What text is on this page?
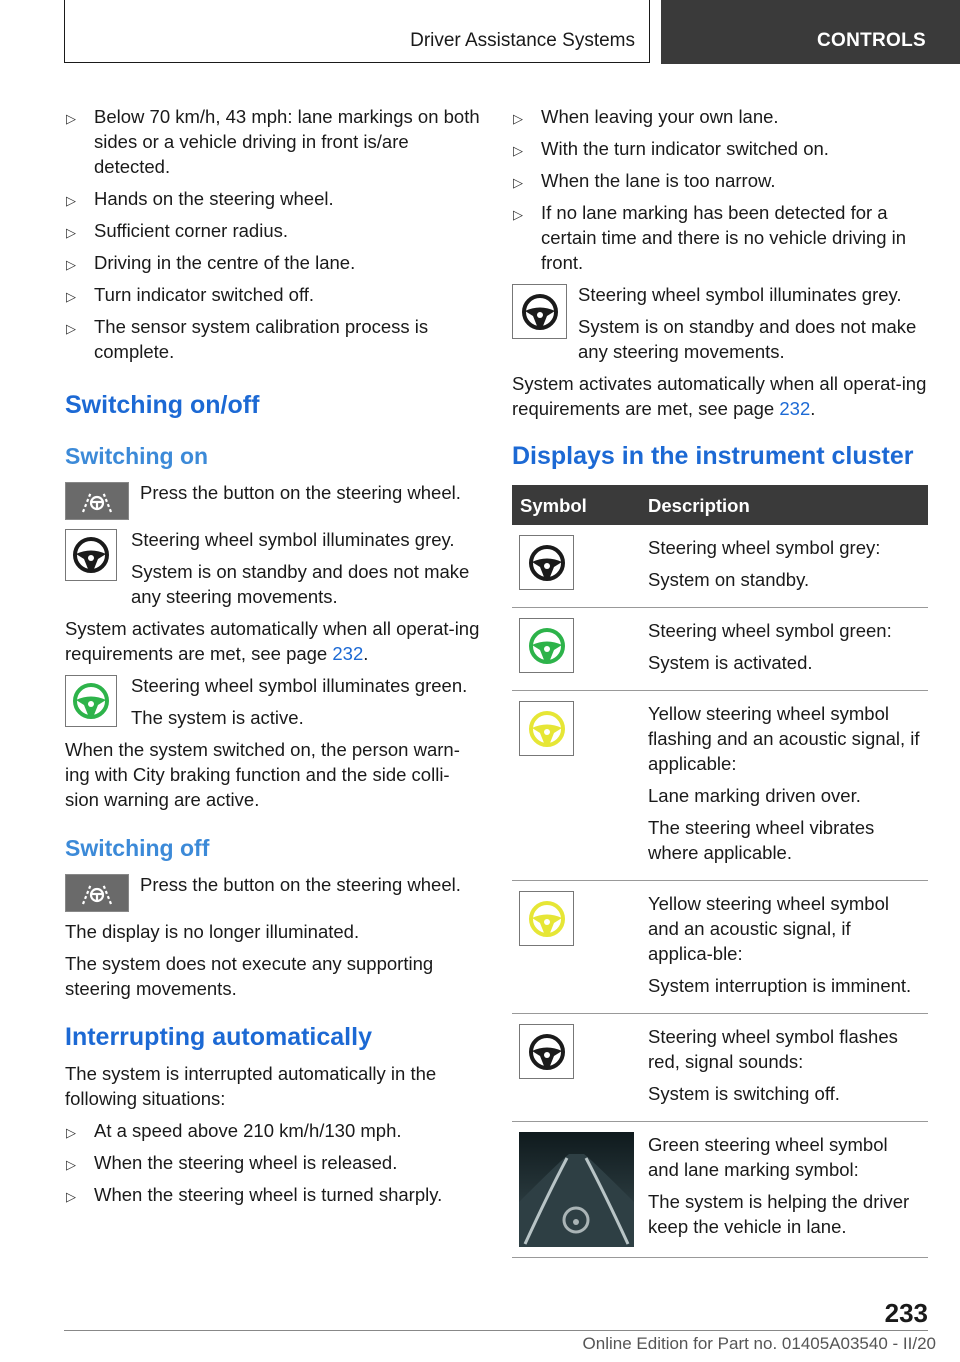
Driver Assistance Systems	CONTROLS
▷ Below 70 km/h, 43 mph: lane markings on both sides or a vehicle driving in front is/are detected.
▷ Hands on the steering wheel.
▷ Sufficient corner radius.
▷ Driving in the centre of the lane.
▷ Turn indicator switched off.
▷ The sensor system calibration process is complete.
Switching on/off
Switching on
Press the button on the steering wheel.

Steering wheel symbol illuminates grey.

System is on standby and does not make any steering movements.

System activates automatically when all operat-ing requirements are met, see page 232.

Steering wheel symbol illuminates green.

The system is active.

When the system switched on, the person warn-ing with City braking function and the side colli-sion warning are active.

Switching off
Press the button on the steering wheel.

The display is no longer illuminated.

The system does not execute any supporting steering movements.

Interrupting automatically

The system is interrupted automatically in the following situations:

▷ At a speed above 210 km/h/130 mph.
▷ When the steering wheel is released.
▷ When the steering wheel is turned sharply.
▷ When leaving your own lane.
▷ With the turn indicator switched on.
▷ When the lane is too narrow.
▷ If no lane marking has been detected for a certain time and there is no vehicle driving in front.

Steering wheel symbol illuminates grey.

System is on standby and does not make any steering movements.

System activates automatically when all operat-ing requirements are met, see page 232.

Displays in the instrument cluster
Symbol	Description

Steering wheel symbol grey:

System on standby.

Steering wheel symbol green:

System is activated.

Yellow steering wheel symbol flashing and an acoustic signal, if applicable:

Lane marking driven over.

The steering wheel vibrates where applicable.

Yellow steering wheel symbol and an acoustic signal, if applica-ble:

System interruption is imminent.

Steering wheel symbol flashes red, signal sounds:

System is switching off.

Green steering wheel symbol and lane marking symbol:

The system is helping the driver keep the vehicle in lane.

233
Online Edition for Part no. 01405A03540 - II/20
